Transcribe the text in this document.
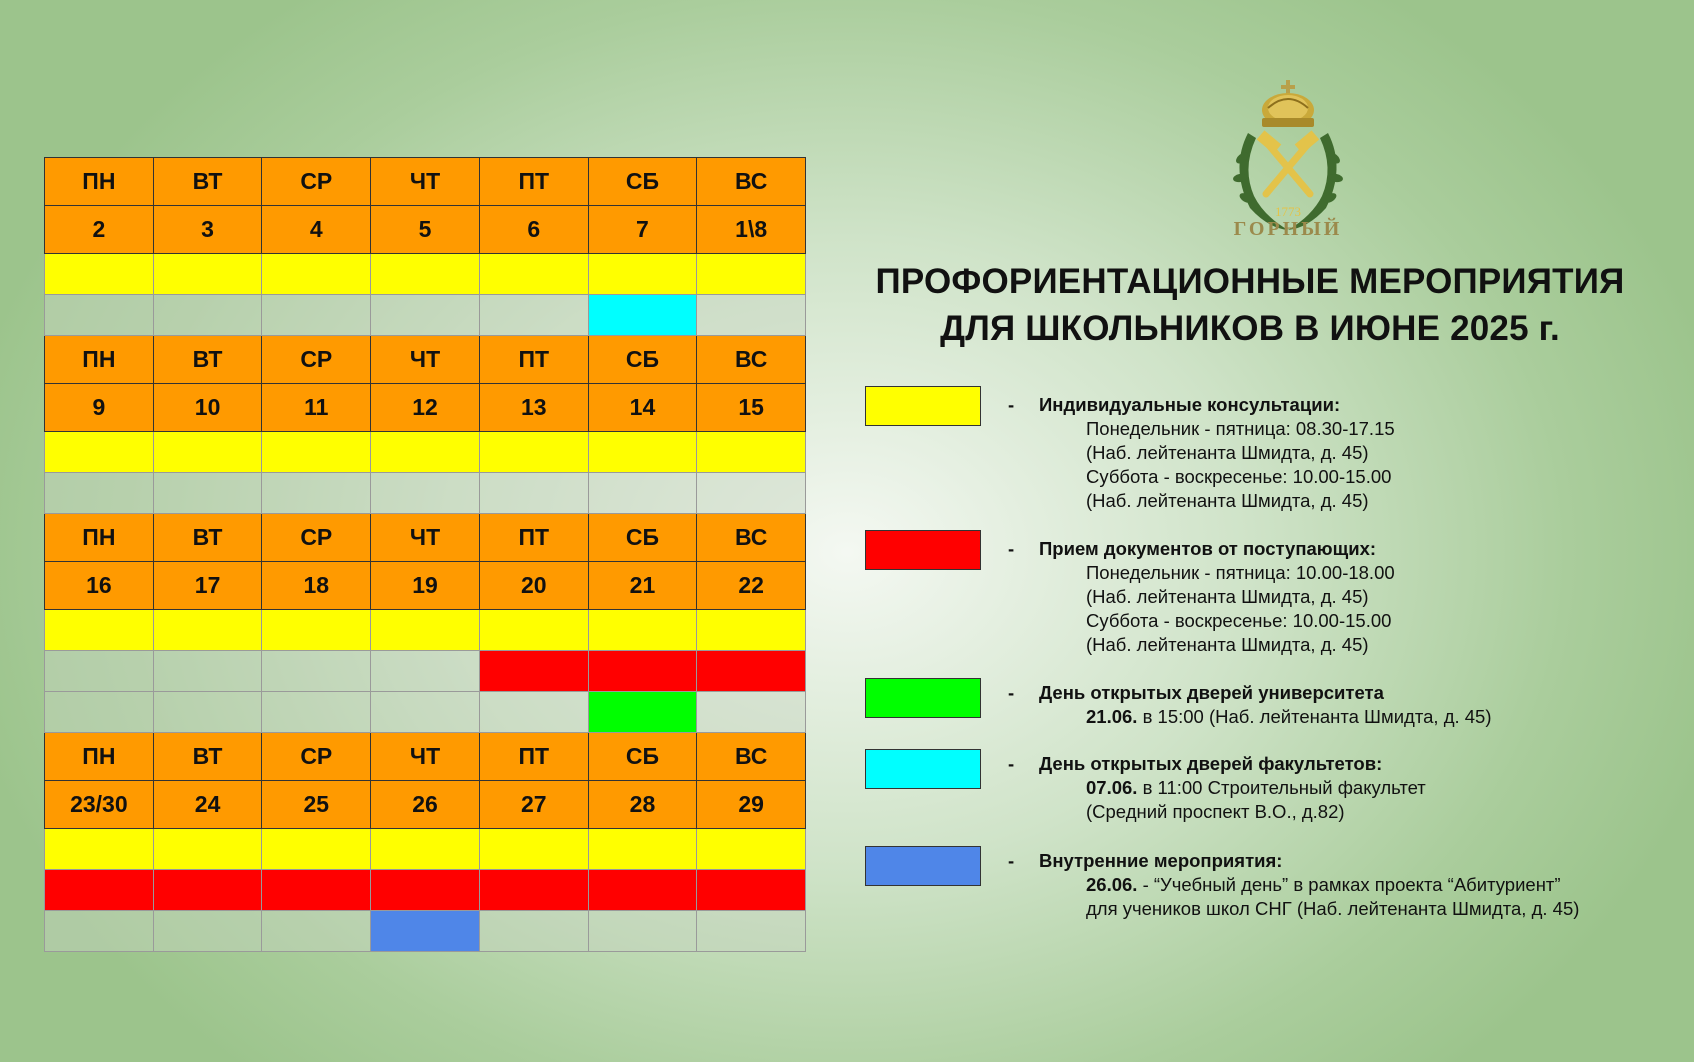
ПН	ВТ	СР	ЧТ	ПТ	СБ	ВС
2	3	4	5	6	7	1\8
ПН	ВТ	СР	ЧТ	ПТ	СБ	ВС
9	10	11	12	13	14	15
ПН	ВТ	СР	ЧТ	ПТ	СБ	ВС
16	17	18	19	20	21	22
ПН	ВТ	СР	ЧТ	ПТ	СБ	ВС
23/30	24	25	26	27	28	29
1773
ГОРНЫЙ
ПРОФОРИЕНТАЦИОННЫЕ МЕРОПРИЯТИЯ
ДЛЯ ШКОЛЬНИКОВ В ИЮНЕ 2025 г.
-	Индивидуальные консультации:
Понедельник - пятница: 08.30-17.15
(Наб. лейтенанта Шмидта, д. 45)
Суббота - воскресенье: 10.00-15.00
(Наб. лейтенанта Шмидта, д. 45)
-	Прием документов от поступающих:
Понедельник - пятница: 10.00-18.00
(Наб. лейтенанта Шмидта, д. 45)
Суббота - воскресенье: 10.00-15.00
(Наб. лейтенанта Шмидта, д. 45)
-	День открытых дверей университета
21.06. в 15:00 (Наб. лейтенанта Шмидта, д. 45)
-	День открытых дверей факультетов:
07.06. в 11:00 Строительный факультет
(Средний проспект В.О., д.82)
-	Внутренние мероприятия:
26.06. - “Учебный день” в рамках проекта “Абитуриент”
для учеников школ СНГ (Наб. лейтенанта Шмидта, д. 45)
